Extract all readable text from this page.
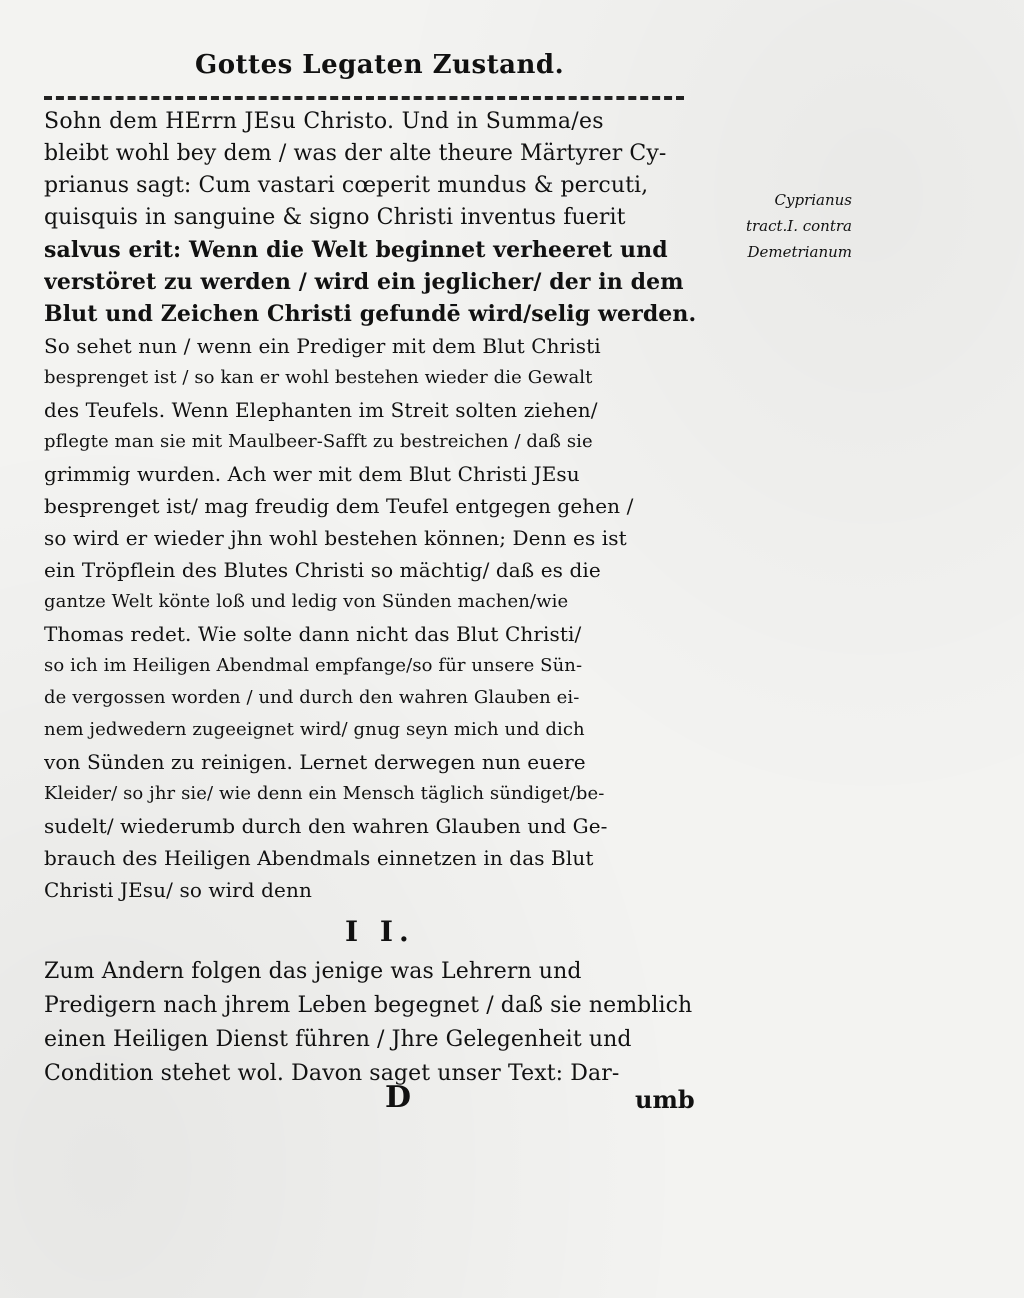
Gottes Legaten Zustand.
Sohn dem HErrn JEsu Christo. Und in Summa/es
bleibt wohl bey dem / was der alte theure Märtyrer Cy-
prianus sagt: Cum vastari cœperit mundus & percuti,
quisquis in sanguine & signo Christi inventus fuerit
salvus erit: Wenn die Welt beginnet verheeret und
verstöret zu werden / wird ein jeglicher/ der in dem
Blut und Zeichen Christi gefundē wird/selig werden.
So sehet nun / wenn ein Prediger mit dem Blut Christi
besprenget ist / so kan er wohl bestehen wieder die Gewalt
des Teufels. Wenn Elephanten im Streit solten ziehen/
pflegte man sie mit Maulbeer-Safft zu bestreichen / daß sie
grimmig wurden. Ach wer mit dem Blut Christi JEsu
besprenget ist/ mag freudig dem Teufel entgegen gehen /
so wird er wieder jhn wohl bestehen können; Denn es ist
ein Tröpflein des Blutes Christi so mächtig/ daß es die
gantze Welt könte loß und ledig von Sünden machen/wie
Thomas redet. Wie solte dann nicht das Blut Christi/
so ich im Heiligen Abendmal empfange/so für unsere Sün-
de vergossen worden / und durch den wahren Glauben ei-
nem jedwedern zugeeignet wird/ gnug seyn mich und dich
von Sünden zu reinigen. Lernet derwegen nun euere
Kleider/ so jhr sie/ wie denn ein Mensch täglich sündiget/be-
sudelt/ wiederumb durch den wahren Glauben und Ge-
brauch des Heiligen Abendmals einnetzen in das Blut
Christi JEsu/ so wird denn
Cyprianus
tract.I. contra
Demetrianum
I I.
Zum Andern folgen das jenige was Lehrern und
Predigern nach jhrem Leben begegnet / daß sie nemblich
einen Heiligen Dienst führen / Jhre Gelegenheit und
Condition stehet wol. Davon saget unser Text: Dar-
D	umb
